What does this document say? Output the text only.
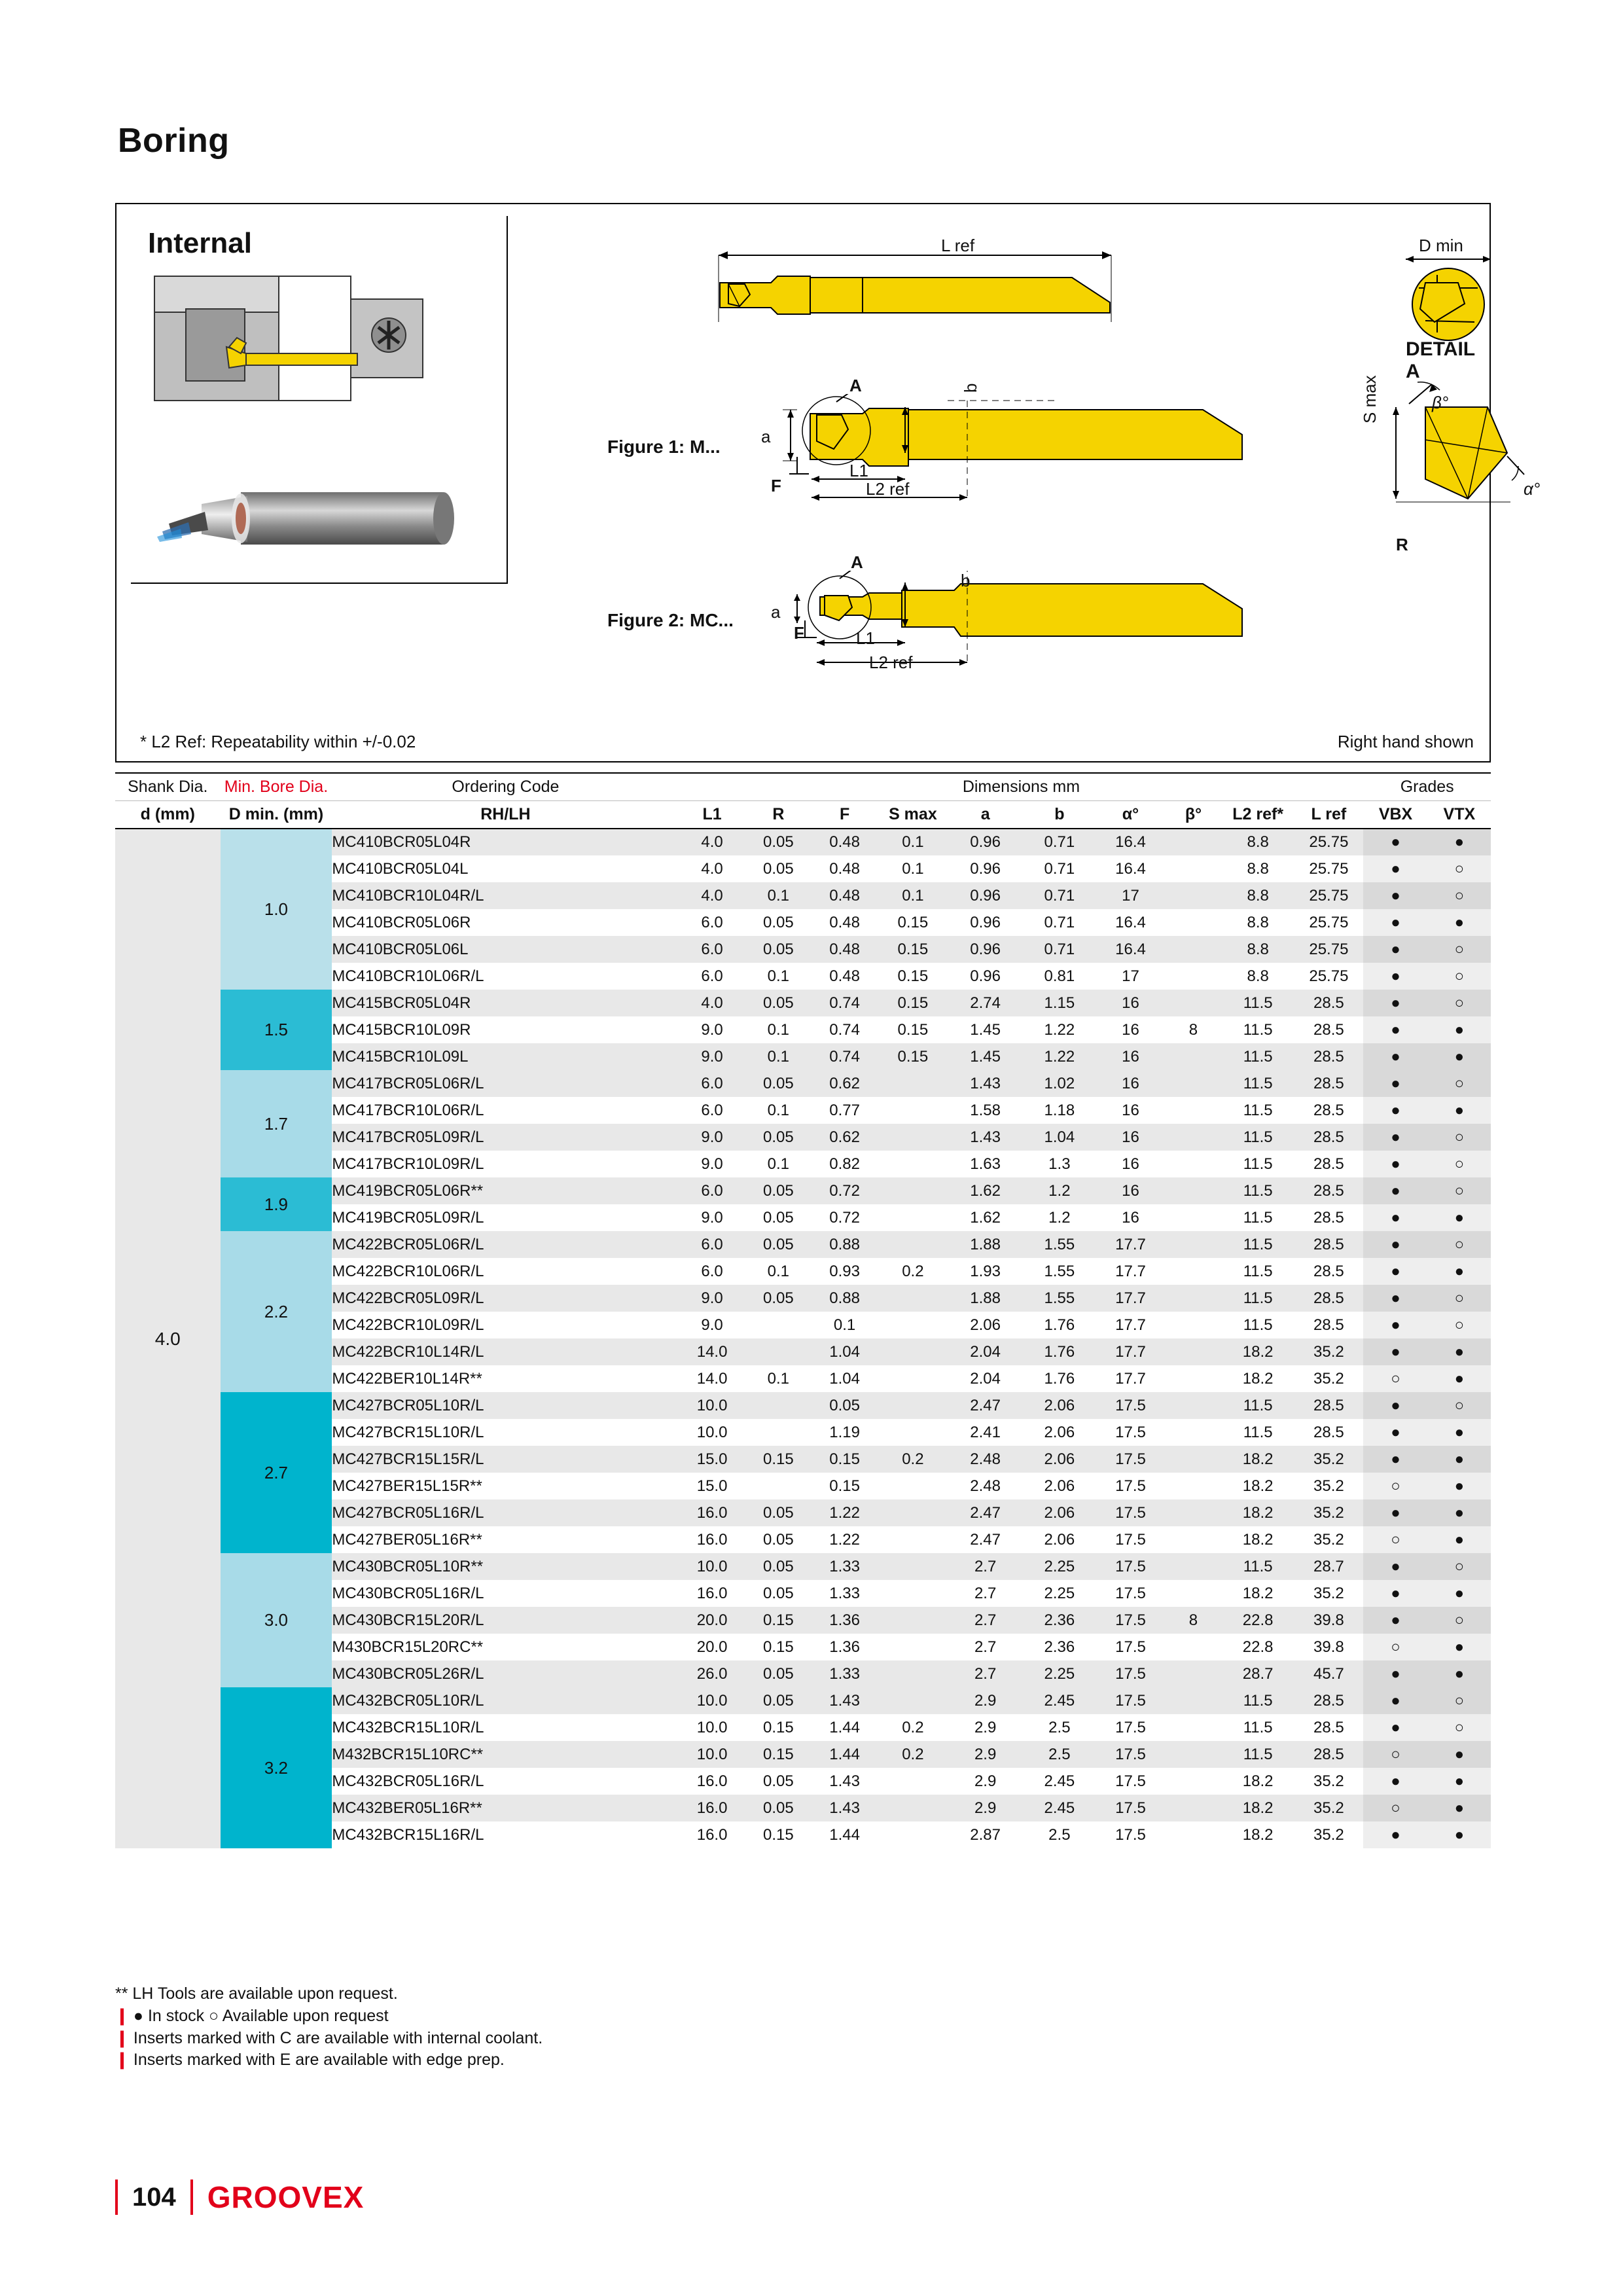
Boring
Internal	L ref	D min
DETAIL A
β°
α°
S max
R
Figure 1: M...
A
a
b
F
L1
L2 ref
Figure 2: MC...
A
a
b
F	L1
L2 ref
* L2 Ref: Repeatability within +/-0.02	Right hand shown
Shank Dia.	Min. Bore Dia.	Ordering Code	Dimensions mm										Grades	
d (mm)	D min. (mm)	RH/LH	L1	R	F	S max	a	b	α°	β°	L2 ref*	L ref	VBX	VTX
4.0	1.0	MC410BCR05L04R	4.0	0.05	0.48	0.1	0.96	0.71	16.4		8.8	25.75	●	●
		MC410BCR05L04L	4.0	0.05	0.48	0.1	0.96	0.71	16.4		8.8	25.75	●	○
		MC410BCR10L04R/L	4.0	0.1	0.48	0.1	0.96	0.71	17		8.8	25.75	●	○
		MC410BCR05L06R	6.0	0.05	0.48	0.15	0.96	0.71	16.4		8.8	25.75	●	●
		MC410BCR05L06L	6.0	0.05	0.48	0.15	0.96	0.71	16.4		8.8	25.75	●	○
		MC410BCR10L06R/L	6.0	0.1	0.48	0.15	0.96	0.81	17		8.8	25.75	●	○
	1.5	MC415BCR05L04R	4.0	0.05	0.74	0.15	2.74	1.15	16		11.5	28.5	●	○
		MC415BCR10L09R	9.0	0.1	0.74	0.15	1.45	1.22	16	8	11.5	28.5	●	●
		MC415BCR10L09L	9.0	0.1	0.74	0.15	1.45	1.22	16		11.5	28.5	●	●
	1.7	MC417BCR05L06R/L	6.0	0.05	0.62		1.43	1.02	16		11.5	28.5	●	○
		MC417BCR10L06R/L	6.0	0.1	0.77		1.58	1.18	16		11.5	28.5	●	●
		MC417BCR05L09R/L	9.0	0.05	0.62		1.43	1.04	16		11.5	28.5	●	○
		MC417BCR10L09R/L	9.0	0.1	0.82		1.63	1.3	16		11.5	28.5	●	○
	1.9	MC419BCR05L06R**	6.0	0.05	0.72		1.62	1.2	16		11.5	28.5	●	○
		MC419BCR05L09R/L	9.0	0.05	0.72		1.62	1.2	16		11.5	28.5	●	●
	2.2	MC422BCR05L06R/L	6.0	0.05	0.88		1.88	1.55	17.7		11.5	28.5	●	○
		MC422BCR10L06R/L	6.0	0.1	0.93	0.2	1.93	1.55	17.7		11.5	28.5	●	●
		MC422BCR05L09R/L	9.0	0.05	0.88		1.88	1.55	17.7		11.5	28.5	●	○
		MC422BCR10L09R/L	9.0		0.1		2.06	1.76	17.7		11.5	28.5	●	○
		MC422BCR10L14R/L	14.0		1.04		2.04	1.76	17.7		18.2	35.2	●	●
		MC422BER10L14R**	14.0	0.1	1.04		2.04	1.76	17.7		18.2	35.2	○	●
	2.7	MC427BCR05L10R/L	10.0		0.05		2.47	2.06	17.5		11.5	28.5	●	○
		MC427BCR15L10R/L	10.0		1.19		2.41	2.06	17.5		11.5	28.5	●	●
		MC427BCR15L15R/L	15.0	0.15	0.15	0.2	2.48	2.06	17.5		18.2	35.2	●	●
		MC427BER15L15R**	15.0		0.15		2.48	2.06	17.5		18.2	35.2	○	●
		MC427BCR05L16R/L	16.0	0.05	1.22		2.47	2.06	17.5		18.2	35.2	●	●
		MC427BER05L16R**	16.0	0.05	1.22		2.47	2.06	17.5		18.2	35.2	○	●
	3.0	MC430BCR05L10R**	10.0	0.05	1.33		2.7	2.25	17.5		11.5	28.7	●	○
		MC430BCR05L16R/L	16.0	0.05	1.33		2.7	2.25	17.5		18.2	35.2	●	●
		MC430BCR15L20R/L	20.0	0.15	1.36		2.7	2.36	17.5	8	22.8	39.8	●	○
		M430BCR15L20RC**	20.0	0.15	1.36		2.7	2.36	17.5		22.8	39.8	○	●
		MC430BCR05L26R/L	26.0	0.05	1.33		2.7	2.25	17.5		28.7	45.7	●	●
	3.2	MC432BCR05L10R/L	10.0	0.05	1.43		2.9	2.45	17.5		11.5	28.5	●	○
		MC432BCR15L10R/L	10.0	0.15	1.44	0.2	2.9	2.5	17.5		11.5	28.5	●	○
		M432BCR15L10RC**	10.0	0.15	1.44	0.2	2.9	2.5	17.5		11.5	28.5	○	●
		MC432BCR05L16R/L	16.0	0.05	1.43		2.9	2.45	17.5		18.2	35.2	●	●
		MC432BER05L16R**	16.0	0.05	1.43		2.9	2.45	17.5		18.2	35.2	○	●
		MC432BCR15L16R/L	16.0	0.15	1.44		2.87	2.5	17.5		18.2	35.2	●	●
** LH Tools are available upon request.
❙ ● In stock ○ Available upon request
❙ Inserts marked with C are available with internal coolant.
❙ Inserts marked with E are available with edge prep.
104 GROOVEX
